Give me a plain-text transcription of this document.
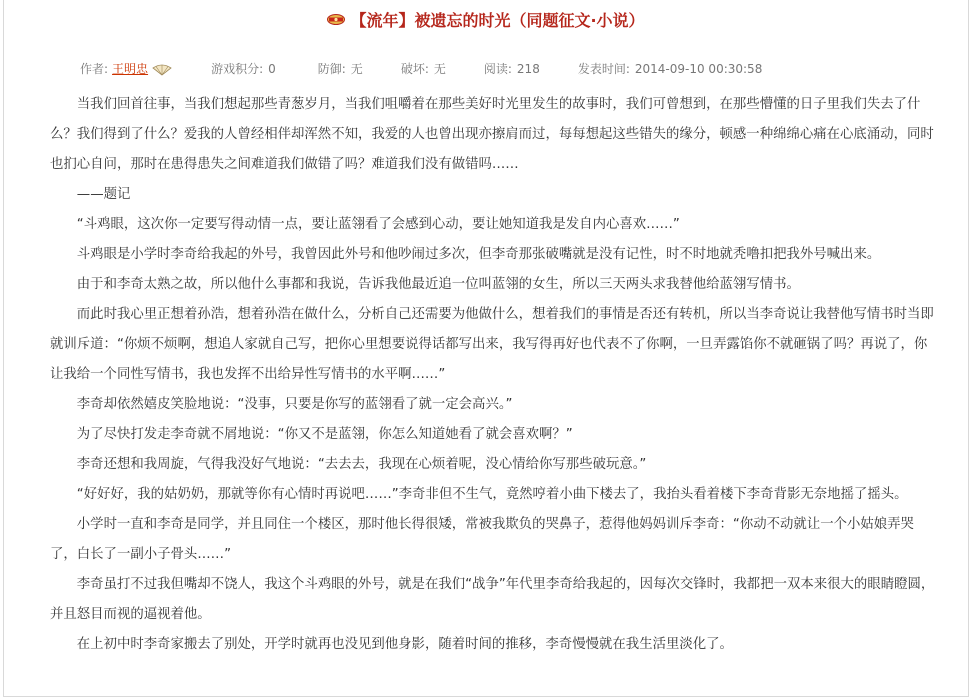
【流年】被遗忘的时光（同题征文·小说）
作者: 王明忠	游戏积分: 0	防御: 无	破坏: 无	阅读: 218	发表时间: 2014-09-10 00:30:58

当我们回首往事，当我们想起那些青葱岁月，当我们咀嚼着在那些美好时光里发生的故事时，我们可曾想到，在那些懵懂的日子里我们失去了什么？我们得到了什么？爱我的人曾经相伴却浑然不知，我爱的人也曾出现亦擦肩而过，每每想起这些错失的缘分，顿感一种绵绵心痛在心底涌动，同时也扪心自问，那时在患得患失之间难道我们做错了吗？难道我们没有做错吗……

——题记

“斗鸡眼，这次你一定要写得动情一点，要让蓝翎看了会感到心动，要让她知道我是发自内心喜欢……”

斗鸡眼是小学时李奇给我起的外号，我曾因此外号和他吵闹过多次，但李奇那张破嘴就是没有记性，时不时地就秃噜扣把我外号喊出来。

由于和李奇太熟之故，所以他什么事都和我说，告诉我他最近追一位叫蓝翎的女生，所以三天两头求我替他给蓝翎写情书。

而此时我心里正想着孙浩，想着孙浩在做什么，分析自己还需要为他做什么，想着我们的事情是否还有转机，所以当李奇说让我替他写情书时当即就训斥道：“你烦不烦啊，想追人家就自己写，把你心里想要说得话都写出来，我写得再好也代表不了你啊，一旦弄露馅你不就砸锅了吗？再说了，你让我给一个同性写情书，我也发挥不出给异性写情书的水平啊……”

李奇却依然嬉皮笑脸地说：“没事，只要是你写的蓝翎看了就一定会高兴。”

为了尽快打发走李奇就不屑地说：“你又不是蓝翎，你怎么知道她看了就会喜欢啊？”

李奇还想和我周旋，气得我没好气地说：“去去去，我现在心烦着呢，没心情给你写那些破玩意。”

“好好好，我的姑奶奶，那就等你有心情时再说吧……”李奇非但不生气，竟然哼着小曲下楼去了，我抬头看着楼下李奇背影无奈地摇了摇头。

小学时一直和李奇是同学，并且同住一个楼区，那时他长得很矮，常被我欺负的哭鼻子，惹得他妈妈训斥李奇：“你动不动就让一个小姑娘弄哭了，白长了一副小子骨头……”

李奇虽打不过我但嘴却不饶人，我这个斗鸡眼的外号，就是在我们“战争”年代里李奇给我起的，因每次交锋时，我都把一双本来很大的眼睛瞪圆，并且怒目而视的逼视着他。

在上初中时李奇家搬去了别处，开学时就再也没见到他身影，随着时间的推移，李奇慢慢就在我生活里淡化了。
